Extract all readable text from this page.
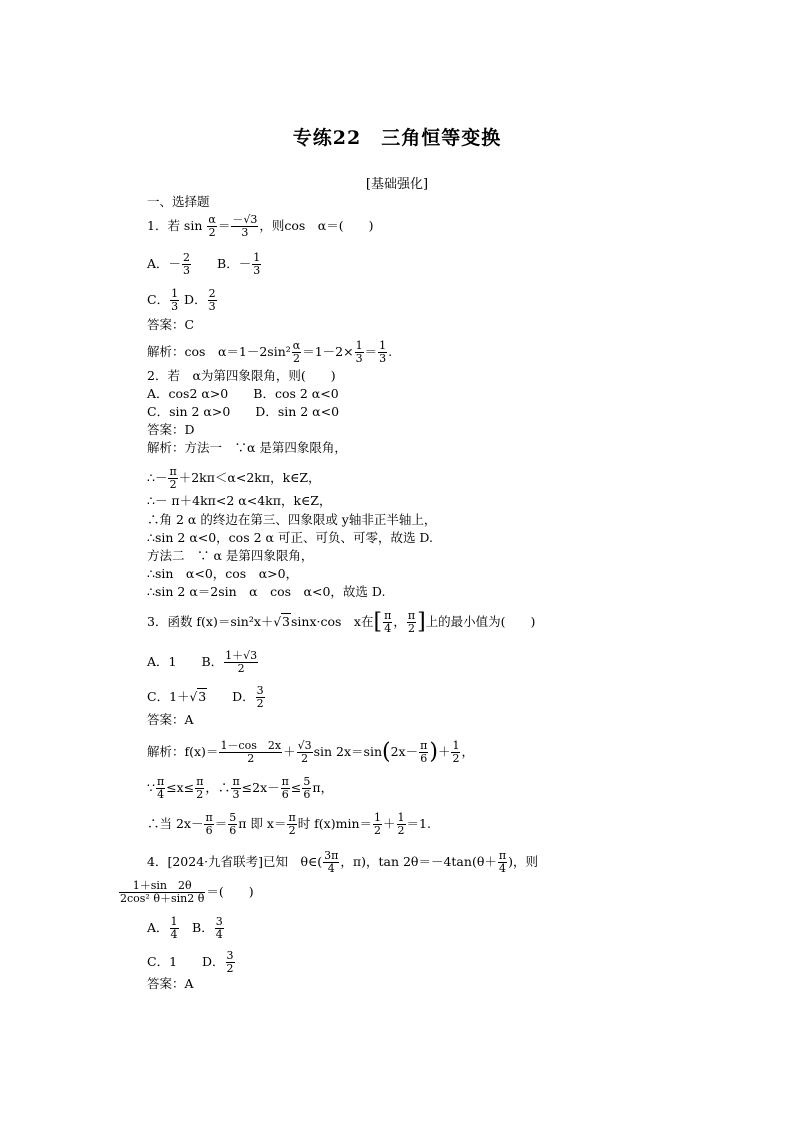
专练22　三角恒等变换
[基础强化]
一、选择题
1．若 $\sin \frac{\alpha}{2} = \frac{-√3}{3}$ ，则cos　α＝(　　)
A．－ $\frac{2}{3}$
　　 B．－ $\frac{1}{3}$
C． $\frac{1}{3}$ D． $\frac{2}{3}$
答案：C
解析：cos　$\alpha=1-2\sin^2 \frac{\alpha}{2} =1-2\times \frac{1}{3} = \frac{1}{3}$ .
2．若　α为第四象限角，则(　　)
A．cos2 α>0　　B．cos 2 α<0
C．sin 2 α>0　　D．sin 2 α<0
答案：D
解析：方法一　∵α 是第四象限角，
∴－ $\frac{\pi}{2} +2k\pi<\alpha<2k\pi$，k∈Z，
∴－ π＋4kπ<2 α<4kπ，k∈Z，
∴角 2 α 的终边在第三、四象限或 y轴非正半轴上，
∴sin 2 α<0，cos 2 α 可正、可负、可零，故选 D.
方法二　∵ α 是第四象限角，
∴sin　α<0，cos　α>0，
∴sin 2 α＝2sin　α　cos　α<0，故选 D.
3．函数 f(x)＝sin²x＋√3sinx·cos　x在[ $\frac{\pi}{4}$ ， $\frac{\pi}{2}$ ]上的最小值为(　　)
A．1　　B． $\frac{1+√3}{2}$
C．1＋√3　　D． $\frac{3}{2}$
答案：A
解析：$f(x)= \frac{1-\cos 2x}{2} + \frac{√3}{2}$ $\sin 2x=\sin(2x- \frac{\pi}{6}$ )＋ $\frac{1}{2}$ ，
∵ $\frac{\pi}{4} \le x\le \frac{\pi}{2}$ ，∴ $\frac{\pi}{3} \le 2x- \frac{\pi}{6} \le \frac{5}{6}$ π，
∴当 $2x- \frac{\pi}{6} = \frac{5}{6}$ π 即 $x= \frac{\pi}{2}$ 时 $f(x)\min= \frac{1}{2} + \frac{1}{2} =1$.
4．[2024·九省联考]已知　θ∈( $\frac{3\pi}{4}$ ，π)，$\tan 2\theta=-4\tan(\theta+ \frac{\pi}{4}$ )，则
$\frac{1+\sin 2\theta}{\text{2cos² θ＋sin2 θ}}$ ＝(　　)
A． $\frac{1}{4}$ 　B． $\frac{3}{4}$
C．1　　D． $\frac{3}{2}$
答案：A
